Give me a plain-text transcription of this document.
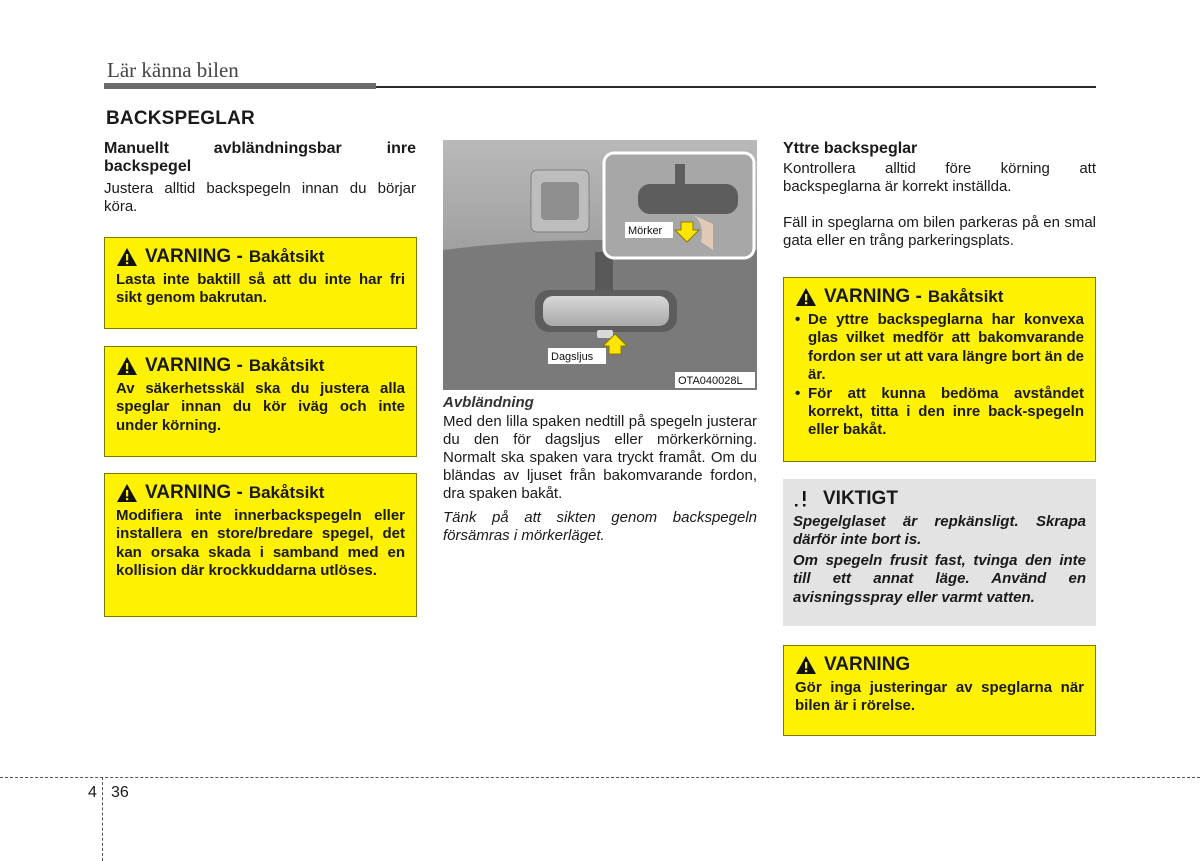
Lär känna bilen
BACKSPEGLAR
Manuellt avbländningsbar inre backspegel
Justera alltid backspegeln innan du börjar köra.
VARNING - Bakåtsikt
Lasta inte baktill så att du inte har fri sikt genom bakrutan.
VARNING - Bakåtsikt
Av säkerhetsskäl ska du justera alla speglar innan du kör iväg och inte under körning.
VARNING - Bakåtsikt
Modifiera inte innerbackspegeln eller installera en store/bredare spegel, det kan orsaka skada i samband med en kollision där krockkuddarna utlöses.
Mörker
Dagsljus
OTA040028L
Avbländning
Med den lilla spaken nedtill på spegeln justerar du den för dagsljus eller mörkerkörning. Normalt ska spaken vara tryckt framåt. Om du bländas av ljuset från bakomvarande fordon, dra spaken bakåt.
Tänk på att sikten genom backspegeln försämras i mörkerläget.
Yttre backspeglar
Kontrollera alltid före körning att backspeglarna är korrekt inställda.
Fäll in speglarna om bilen parkeras på en smal gata eller en trång parkeringsplats.
VARNING - Bakåtsikt
• De yttre backspeglarna har konvexa glas vilket medför att bakomvarande fordon ser ut att vara längre bort än de är.
• För att kunna bedöma avståndet korrekt, titta i den inre back-spegeln eller bakåt.
VIKTIGT
Spegelglaset är repkänsligt. Skrapa därför inte bort is.
Om spegeln frusit fast, tvinga den inte till ett annat läge. Använd en avisningsspray eller varmt vatten.
VARNING
Gör inga justeringar av speglarna när bilen är i rörelse.
4 36
